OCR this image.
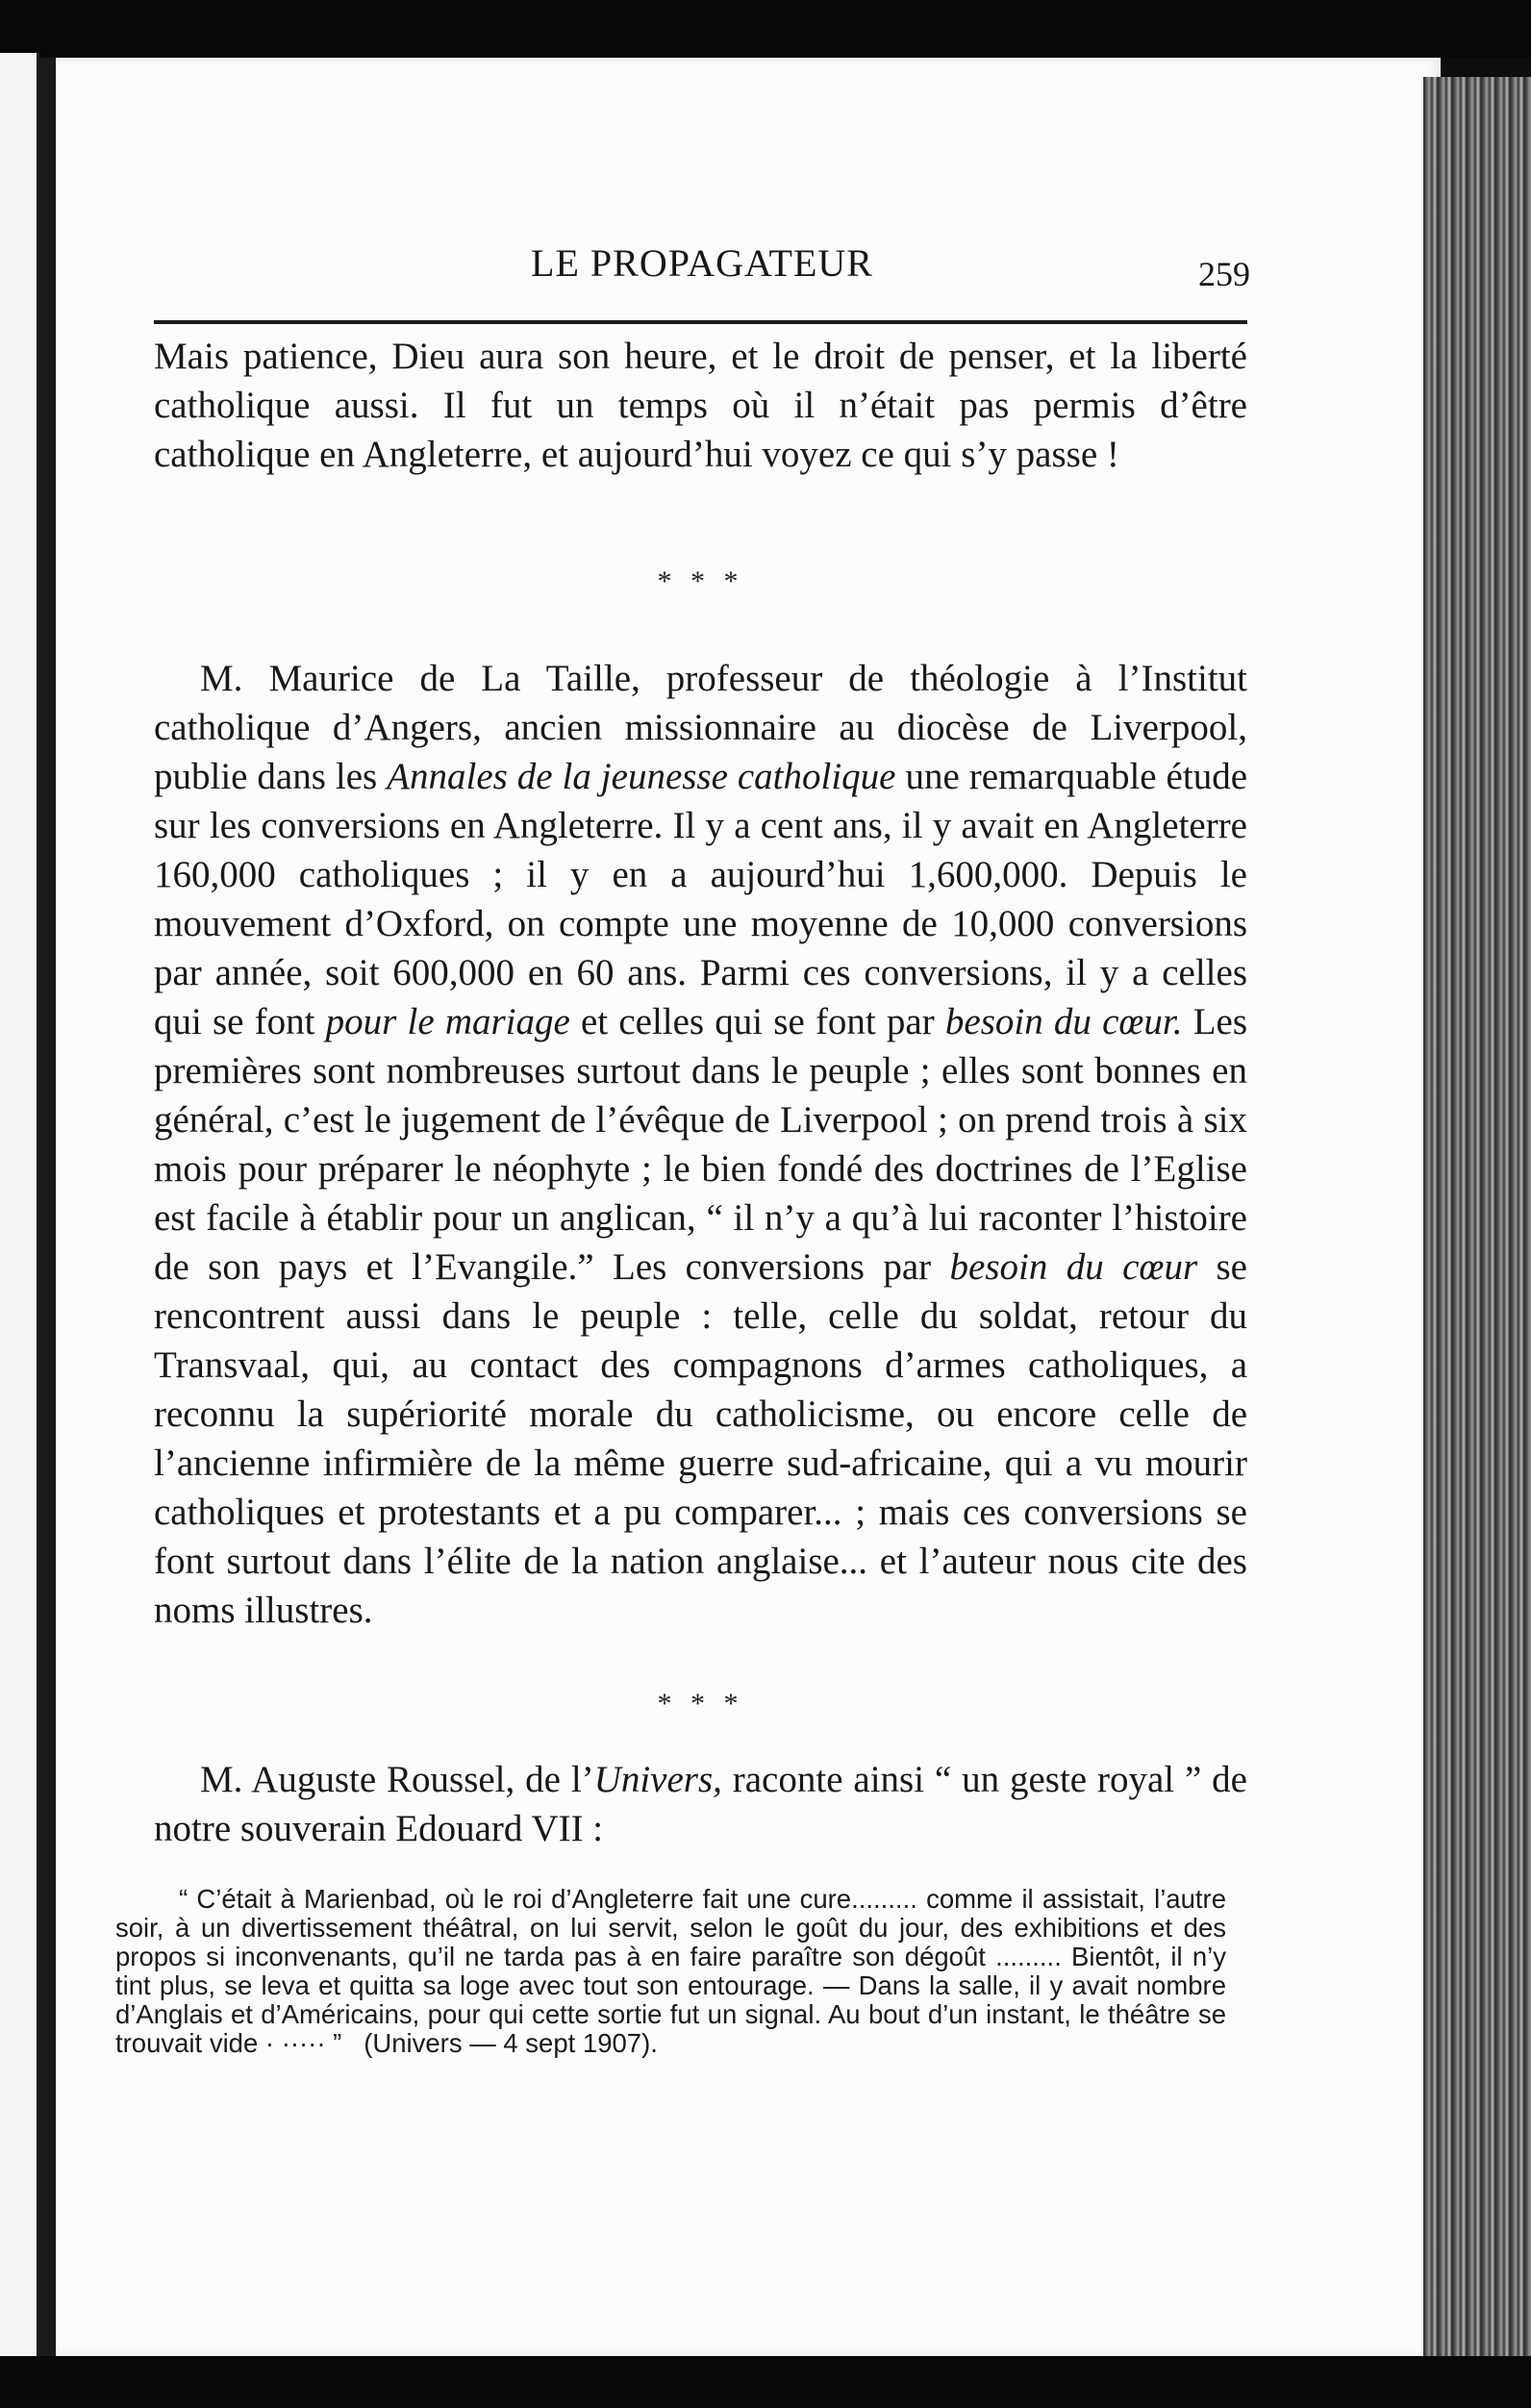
LE PROPAGATEUR	259

Mais patience, Dieu aura son heure, et le droit de penser, et la liberté catholique aussi. Il fut un temps où il n’était pas permis d’être catholique en Angleterre, et aujourd’hui voyez ce qui s’y passe !

* * *

M. Maurice de La Taille, professeur de théologie à l’Institut catholique d’Angers, ancien missionnaire au diocèse de Liverpool, publie dans les Annales de la jeunesse catholique une remarquable étude sur les conversions en Angleterre. Il y a cent ans, il y avait en Angleterre 160,000 catholiques ; il y en a aujourd’hui 1,600,000. Depuis le mouvement d’Oxford, on compte une moyenne de 10,000 conversions par année, soit 600,000 en 60 ans. Parmi ces conversions, il y a celles qui se font pour le mariage et celles qui se font par besoin du cœur. Les premières sont nombreuses surtout dans le peuple ; elles sont bonnes en général, c’est le jugement de l’évêque de Liverpool ; on prend trois à six mois pour préparer le néophyte ; le bien fondé des doctrines de l’Eglise est facile à établir pour un anglican, “ il n’y a qu’à lui raconter l’histoire de son pays et l’Evangile.” Les conversions par besoin du cœur se rencontrent aussi dans le peuple : telle, celle du soldat, retour du Transvaal, qui, au contact des compagnons d’armes catholiques, a reconnu la supériorité morale du catholicisme, ou encore celle de l’ancienne infirmière de la même guerre sud-africaine, qui a vu mourir catholiques et protestants et a pu comparer... ; mais ces conversions se font surtout dans l’élite de la nation anglaise... et l’auteur nous cite des noms illustres.

* * *

M. Auguste Roussel, de l’Univers, raconte ainsi “ un geste royal ” de notre souverain Edouard VII :

“ C’était à Marienbad, où le roi d’Angleterre fait une cure......... comme il assistait, l’autre soir, à un divertissement théâtral, on lui servit, selon le goût du jour, des exhibitions et des propos si inconvenants, qu’il ne tarda pas à en faire paraître son dégoût ......... Bientôt, il n’y tint plus, se leva et quitta sa loge avec tout son entourage. — Dans la salle, il y avait nombre d’Anglais et d’Américains, pour qui cette sortie fut un signal. Au bout d’un instant, le théâtre se trouvait vide · ····· ” (Univers — 4 sept 1907).
